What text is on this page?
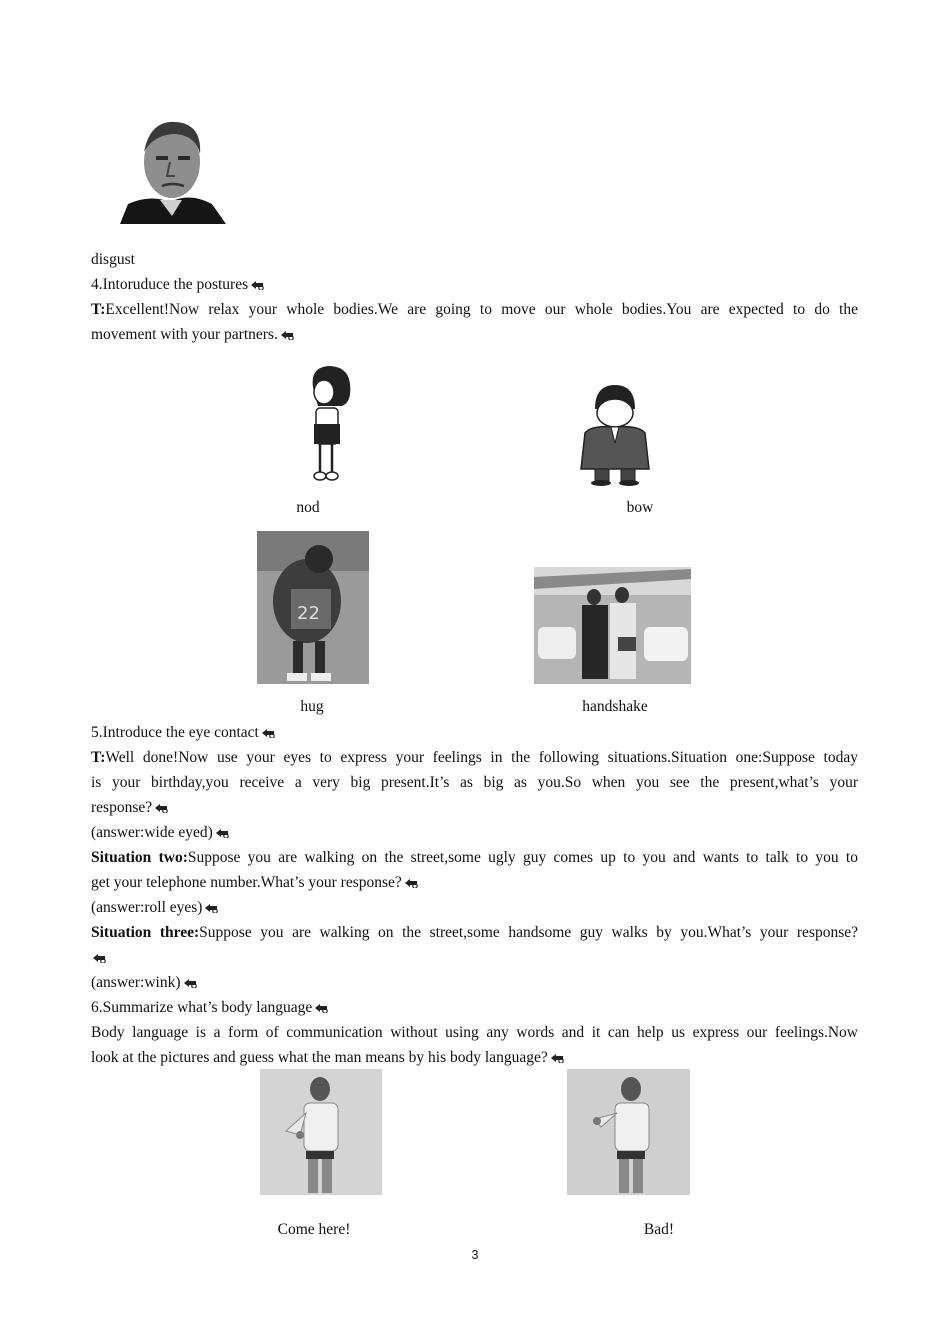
disgust
4.Intoruduce the postures
T:Excellent!Now relax your whole bodies.We are going to move our whole bodies.You are expected to do the
movement with your partners.
nod	bow
22
hug	handshake
5.Introduce the eye contact
T:Well done!Now use your eyes to express your feelings in the following situations.Situation one:Suppose today
is your birthday,you receive a very big present.It’s as big as you.So when you see the present,what’s your
response?
(answer:wide eyed)
Situation two:Suppose you are walking on the street,some ugly guy comes up to you and wants to talk to you to
get your telephone number.What’s your response?
(answer:roll eyes)
Situation three:Suppose you are walking on the street,some handsome guy walks by you.What’s your response?
(answer:wink)
6.Summarize what’s body language
Body language is a form of communication without using any words and it can help us express our feelings.Now
look at the pictures and guess what the man means by his body language?
Come here!	Bad!
3
